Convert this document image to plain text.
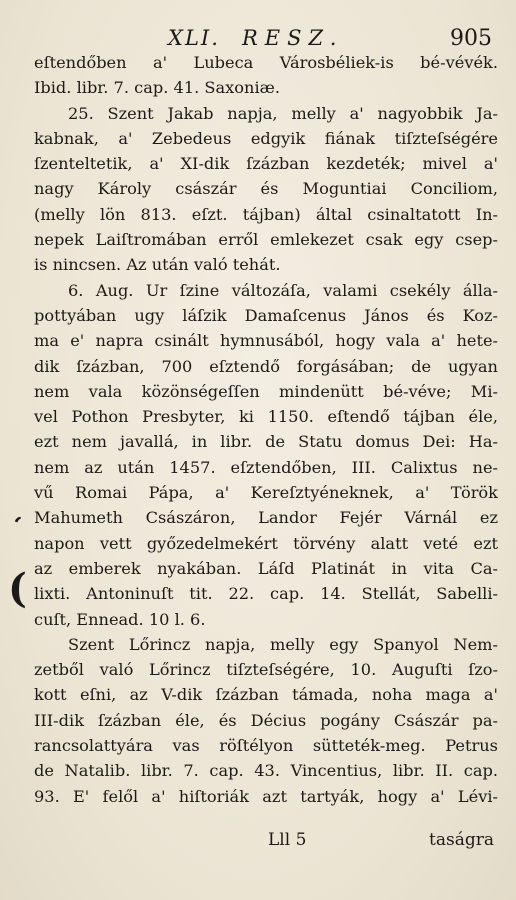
XLI. RESZ.	905
eſtendőben a' Lubeca Városbéliek-is bé-vévék.
Ibid. libr. 7. cap. 41. Saxoniæ.
25. Szent Jakab napja, melly a' nagyobbik Ja-
kabnak, a' Zebedeus edgyik fiának tiſzteſségére
ſzenteltetik, a' XI-dik ſzázban kezdeték; mivel a'
nagy Károly császár és Moguntiai Conciliom,
(melly lön 813. eſzt. tájban) által csinaltatott In-
nepek Laiſtromában erről emlekezet csak egy csep-
is nincsen. Az után való tehát.
6. Aug. Ur ſzine változáſa, valami csekély álla-
pottyában ugy láſzik Damaſcenus János és Koz-
ma e' napra csinált hymnusából, hogy vala a' hete-
dik ſzázban, 700 eſztendő forgásában; de ugyan
nem vala közönségeſſen mindenütt bé-véve; Mi-
vel Pothon Presbyter, ki 1150. eſtendő tájban éle,
ezt nem javallá, in libr. de Statu domus Dei: Ha-
nem az után 1457. eſztendőben, III. Calixtus ne-
vű Romai Pápa, a' Kereſztyéneknek, a' Török
Mahumeth Császáron, Landor Fejér Várnál ez
napon vett győzedelmekért törvény alatt veté ezt
az emberek nyakában. Láſd Platinát in vita Ca-
lixti. Antoninuſt tit. 22. cap. 14. Stellát, Sabelli-
cuſt, Ennead. 10 l. 6.
Szent Lőrincz napja, melly egy Spanyol Nem-
zetből való Lőrincz tiſzteſségére, 10. Auguſti ſzo-
kott eſni, az V-dik ſzázban támada, noha maga a'
III-dik ſzázban éle, és Décius pogány Császár pa-
rancsolattyára vas röſtélyon sütteték-meg. Petrus
de Natalib. libr. 7. cap. 43. Vincentius, libr. II. cap.
93. E' felől a' hiſtoriák azt tartyák, hogy a' Lévi-
ʻ
(
Lll 5	taságra
